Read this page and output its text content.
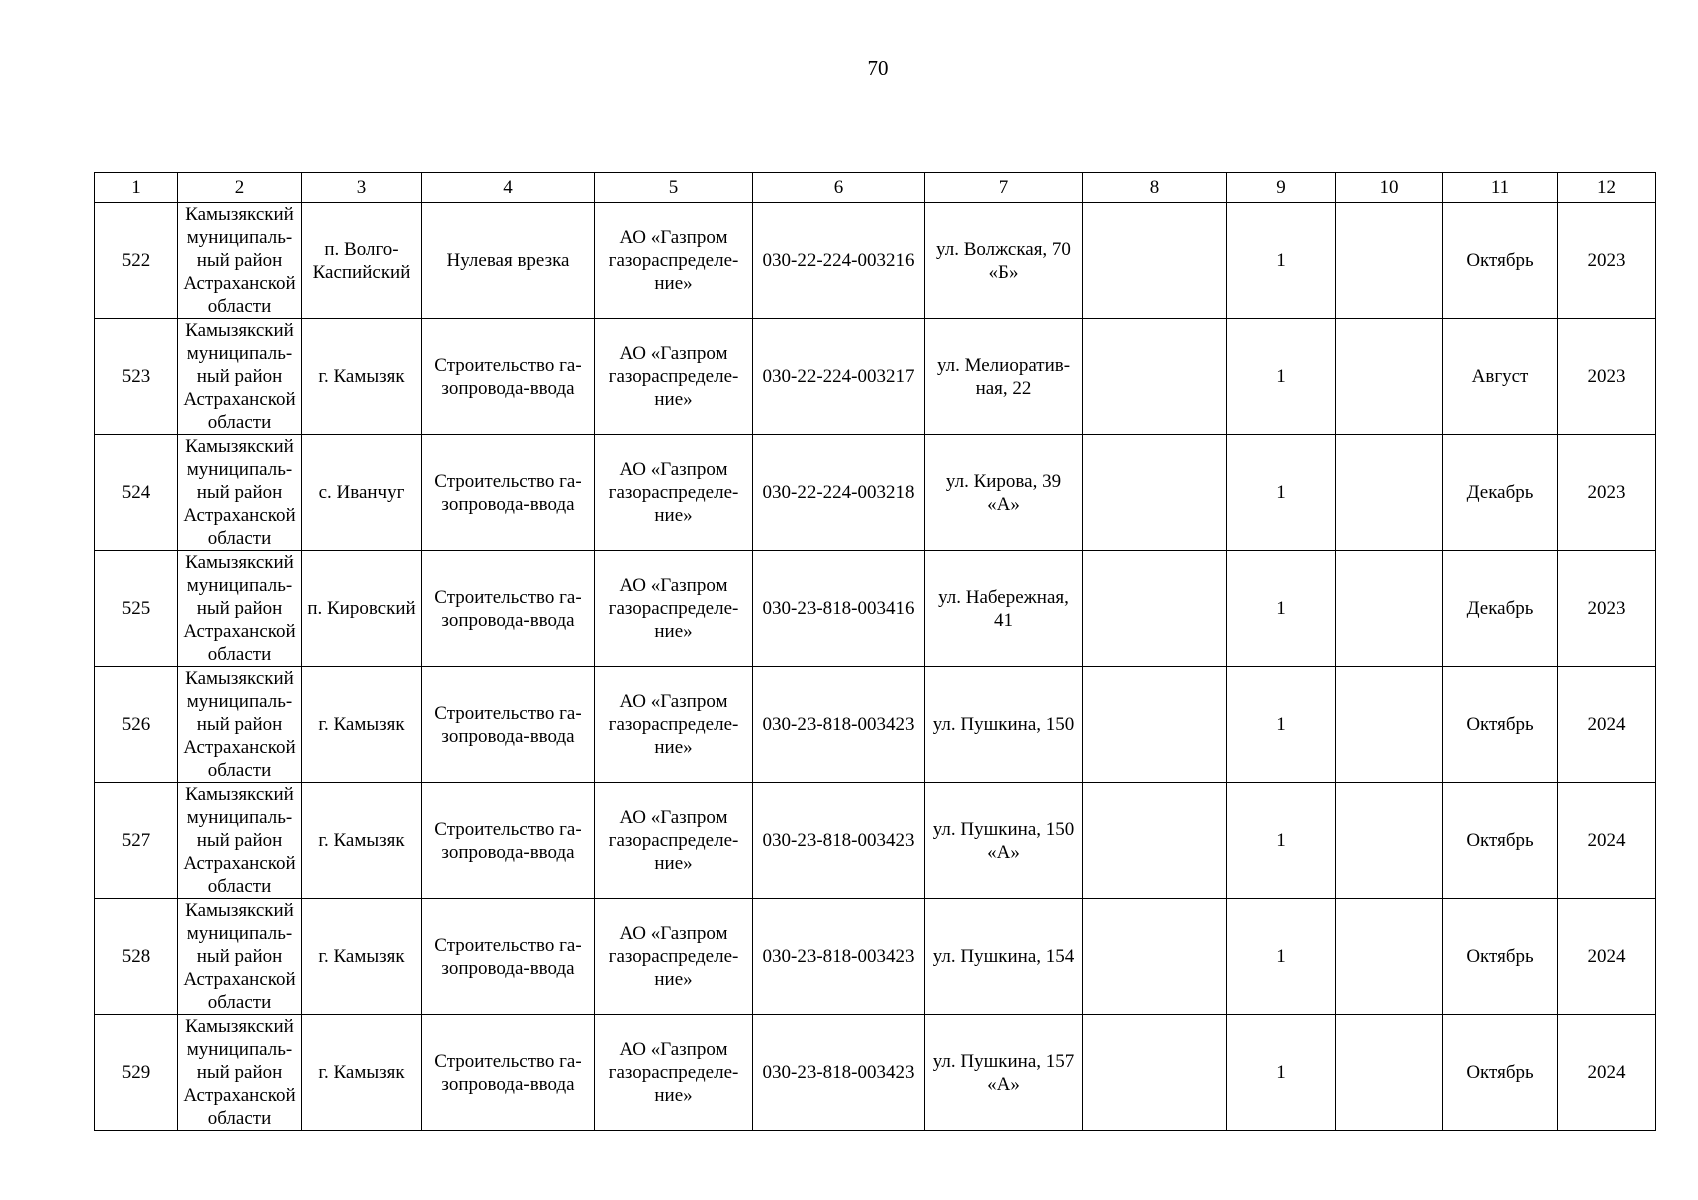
70
1	2	3	4	5	6	7	8	9	10	11	12
522	Камызякский
муниципаль-
ный район
Астраханской
области	п. Волго-
Каспийский	Нулевая врезка	АО «Газпром
газораспределе-
ние»	030-22-224-003216	ул. Волжская, 70
«Б»		1		Октябрь	2023
523	Камызякский
муниципаль-
ный район
Астраханской
области	г. Камызяк	Строительство га-
зопровода-ввода	АО «Газпром
газораспределе-
ние»	030-22-224-003217	ул. Мелиоратив-
ная, 22		1		Август	2023
524	Камызякский
муниципаль-
ный район
Астраханской
области	с. Иванчуг	Строительство га-
зопровода-ввода	АО «Газпром
газораспределе-
ние»	030-22-224-003218	ул. Кирова, 39
«А»		1		Декабрь	2023
525	Камызякский
муниципаль-
ный район
Астраханской
области	п. Кировский	Строительство га-
зопровода-ввода	АО «Газпром
газораспределе-
ние»	030-23-818-003416	ул. Набережная,
41		1		Декабрь	2023
526	Камызякский
муниципаль-
ный район
Астраханской
области	г. Камызяк	Строительство га-
зопровода-ввода	АО «Газпром
газораспределе-
ние»	030-23-818-003423	ул. Пушкина, 150		1		Октябрь	2024
527	Камызякский
муниципаль-
ный район
Астраханской
области	г. Камызяк	Строительство га-
зопровода-ввода	АО «Газпром
газораспределе-
ние»	030-23-818-003423	ул. Пушкина, 150
«А»		1		Октябрь	2024
528	Камызякский
муниципаль-
ный район
Астраханской
области	г. Камызяк	Строительство га-
зопровода-ввода	АО «Газпром
газораспределе-
ние»	030-23-818-003423	ул. Пушкина, 154		1		Октябрь	2024
529	Камызякский
муниципаль-
ный район
Астраханской
области	г. Камызяк	Строительство га-
зопровода-ввода	АО «Газпром
газораспределе-
ние»	030-23-818-003423	ул. Пушкина, 157
«А»		1		Октябрь	2024
